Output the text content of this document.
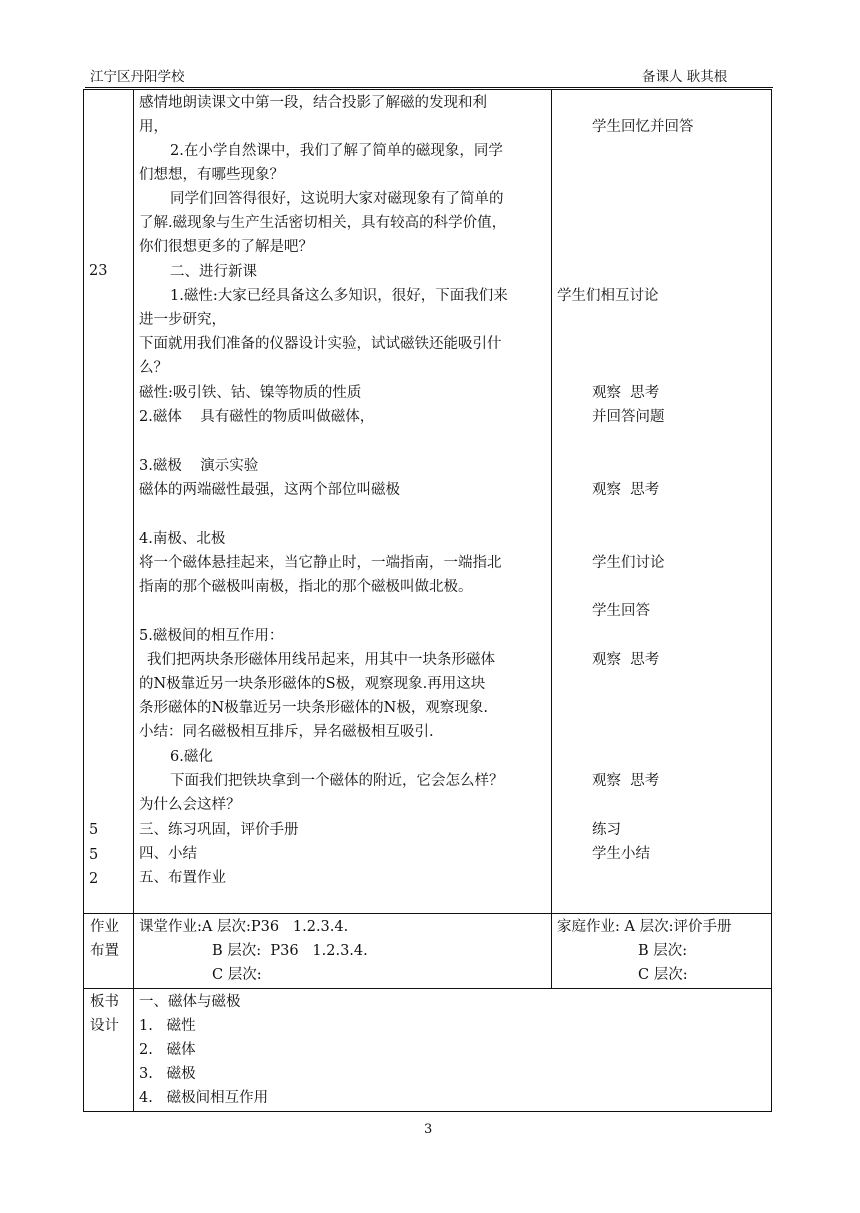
江宁区丹阳学校	备课人 耿其根
23
5
5
2
感情地朗读课文中第一段，结合投影了解磁的发现和利
用，
2.在小学自然课中，我们了解了简单的磁现象，同学
们想想，有哪些现象？
同学们回答得很好，这说明大家对磁现象有了简单的
了解.磁现象与生产生活密切相关，具有较高的科学价值，
你们很想更多的了解是吧？
二、进行新课
1.磁性:大家已经具备这么多知识，很好，下面我们来
进一步研究，
下面就用我们准备的仪器设计实验，试试磁铁还能吸引什
么？
磁性:吸引铁、钴、镍等物质的性质
2.磁体    具有磁性的物质叫做磁体，
3.磁极    演示实验
磁体的两端磁性最强，这两个部位叫磁极
4.南极、北极
将一个磁体悬挂起来，当它静止时，一端指南，一端指北
指南的那个磁极叫南极，指北的那个磁极叫做北极。
5.磁极间的相互作用：
我们把两块条形磁体用线吊起来，用其中一块条形磁体
的N极靠近另一块条形磁体的S极，观察现象.再用这块
条形磁体的N极靠近另一块条形磁体的N极，观察现象.
小结：同名磁极相互排斥，异名磁极相互吸引.
6.磁化
下面我们把铁块拿到一个磁体的附近，它会怎么样？
为什么会这样？
三、练习巩固，评价手册
四、小结
五、布置作业
学生回忆并回答
学生们相互讨论
观察  思考
并回答问题
观察  思考
学生们讨论
学生回答
观察  思考
观察  思考
练习
学生小结
作业
布置
课堂作业:A 层次:P36   1.2.3.4.
B 层次:  P36   1.2.3.4.
C 层次:
家庭作业: A 层次:评价手册
B 层次:
C 层次:
板书
设计
一、磁体与磁极
1.   磁性
2.   磁体
3.   磁极
4.   磁极间相互作用
3
